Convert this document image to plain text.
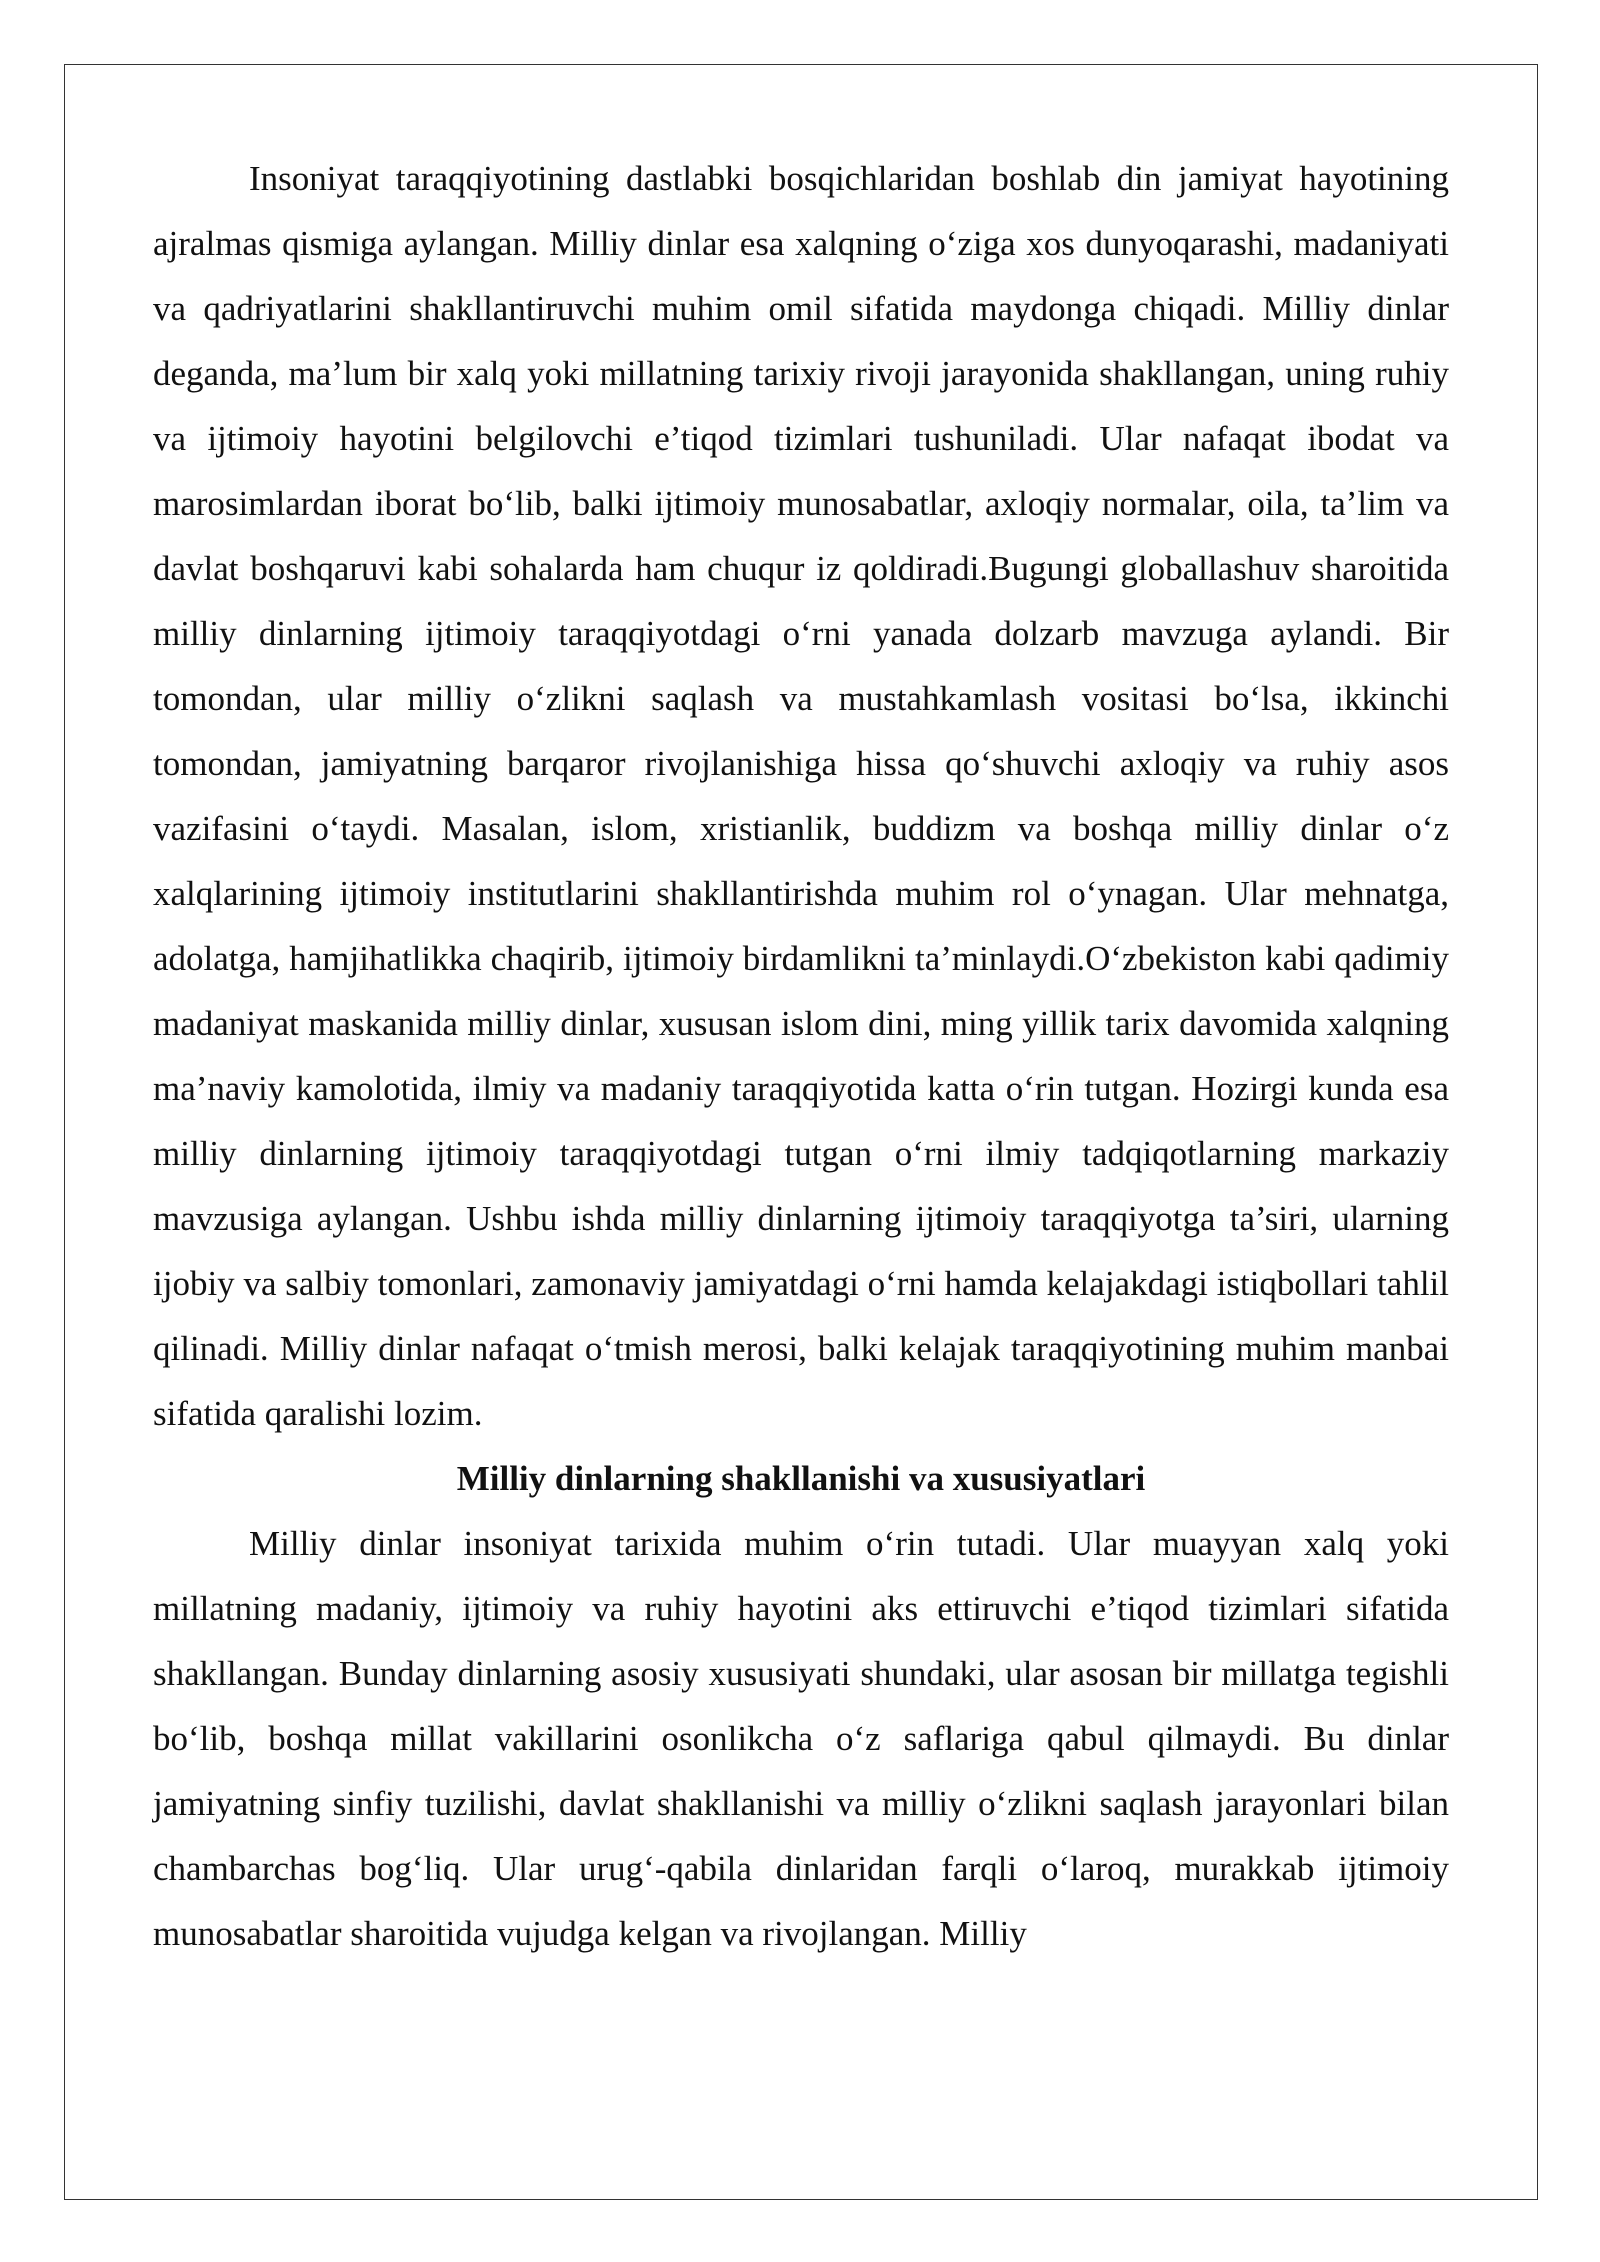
Insoniyat taraqqiyotining dastlabki bosqichlaridan boshlab din jamiyat hayotining ajralmas qismiga aylangan. Milliy dinlar esa xalqning o‘ziga xos dunyoqarashi, madaniyati va qadriyatlarini shakllantiruvchi muhim omil sifatida maydonga chiqadi. Milliy dinlar deganda, ma’lum bir xalq yoki millatning tarixiy rivoji jarayonida shakllangan, uning ruhiy va ijtimoiy hayotini belgilovchi e’tiqod tizimlari tushuniladi. Ular nafaqat ibodat va marosimlardan iborat bo‘lib, balki ijtimoiy munosabatlar, axloqiy normalar, oila, ta’lim va davlat boshqaruvi kabi sohalarda ham chuqur iz qoldiradi.Bugungi globallashuv sharoitida milliy dinlarning ijtimoiy taraqqiyotdagi o‘rni yanada dolzarb mavzuga aylandi. Bir tomondan, ular milliy o‘zlikni saqlash va mustahkamlash vositasi bo‘lsa, ikkinchi tomondan, jamiyatning barqaror rivojlanishiga hissa qo‘shuvchi axloqiy va ruhiy asos vazifasini o‘taydi. Masalan, islom, xristianlik, buddizm va boshqa milliy dinlar o‘z xalqlarining ijtimoiy institutlarini shakllantirishda muhim rol o‘ynagan. Ular mehnatga, adolatga, hamjihatlikka chaqirib, ijtimoiy birdamlikni ta’minlaydi.O‘zbekiston kabi qadimiy madaniyat maskanida milliy dinlar, xususan islom dini, ming yillik tarix davomida xalqning ma’naviy kamolotida, ilmiy va madaniy taraqqiyotida katta o‘rin tutgan. Hozirgi kunda esa milliy dinlarning ijtimoiy taraqqiyotdagi tutgan o‘rni ilmiy tadqiqotlarning markaziy mavzusiga aylangan. Ushbu ishda milliy dinlarning ijtimoiy taraqqiyotga ta’siri, ularning ijobiy va salbiy tomonlari, zamonaviy jamiyatdagi o‘rni hamda kelajakdagi istiqbollari tahlil qilinadi. Milliy dinlar nafaqat o‘tmish merosi, balki kelajak taraqqiyotining muhim manbai sifatida qaralishi lozim.

Milliy dinlarning shakllanishi va xususiyatlari

Milliy dinlar insoniyat tarixida muhim o‘rin tutadi. Ular muayyan xalq yoki millatning madaniy, ijtimoiy va ruhiy hayotini aks ettiruvchi e’tiqod tizimlari sifatida shakllangan. Bunday dinlarning asosiy xususiyati shundaki, ular asosan bir millatga tegishli bo‘lib, boshqa millat vakillarini osonlikcha o‘z saflariga qabul qilmaydi. Bu dinlar jamiyatning sinfiy tuzilishi, davlat shakllanishi va milliy o‘zlikni saqlash jarayonlari bilan chambarchas bog‘liq. Ular urug‘-qabila dinlaridan farqli o‘laroq, murakkab ijtimoiy munosabatlar sharoitida vujudga kelgan va rivojlangan. Milliy
